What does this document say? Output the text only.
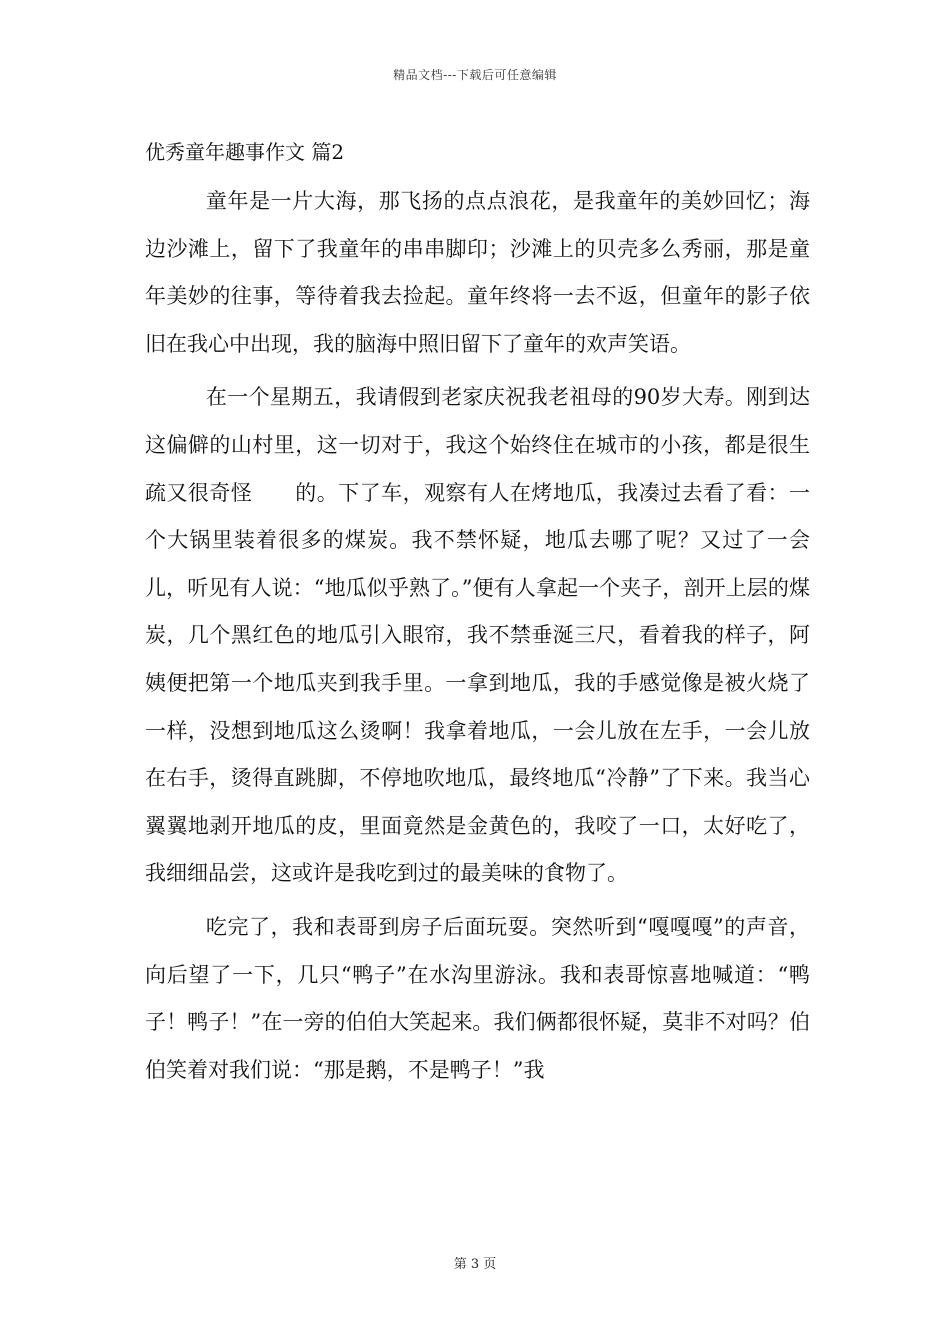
精品文档---下载后可任意编辑
优秀童年趣事作文 篇2

童年是一片大海，那飞扬的点点浪花，是我童年的美妙回忆；海边沙滩上，留下了我童年的串串脚印；沙滩上的贝壳多么秀丽，那是童年美妙的往事，等待着我去捡起。童年终将一去不返，但童年的影子依旧在我心中出现，我的脑海中照旧留下了童年的欢声笑语。

在一个星期五，我请假到老家庆祝我老祖母的90岁大寿。刚到达这偏僻的山村里，这一切对于，我这个始终住在城市的小孩，都是很生疏又很奇怪　　的。下了车，观察有人在烤地瓜，我凑过去看了看：一个大锅里装着很多的煤炭。我不禁怀疑，地瓜去哪了呢？又过了一会儿，听见有人说：“地瓜似乎熟了。”便有人拿起一个夹子，剖开上层的煤炭，几个黑红色的地瓜引入眼帘，我不禁垂涎三尺，看着我的样子，阿姨便把第一个地瓜夹到我手里。一拿到地瓜，我的手感觉像是被火烧了一样，没想到地瓜这么烫啊！我拿着地瓜，一会儿放在左手，一会儿放在右手，烫得直跳脚，不停地吹地瓜，最终地瓜“冷静”了下来。我当心翼翼地剥开地瓜的皮，里面竟然是金黄色的，我咬了一口，太好吃了，我细细品尝，这或许是我吃到过的最美味的食物了。

吃完了，我和表哥到房子后面玩耍。突然听到“嘎嘎嘎”的声音，向后望了一下，几只“鸭子”在水沟里游泳。我和表哥惊喜地喊道：“鸭子！鸭子！”在一旁的伯伯大笑起来。我们俩都很怀疑，莫非不对吗？伯伯笑着对我们说：“那是鹅，不是鸭子！”我

第 3 页
